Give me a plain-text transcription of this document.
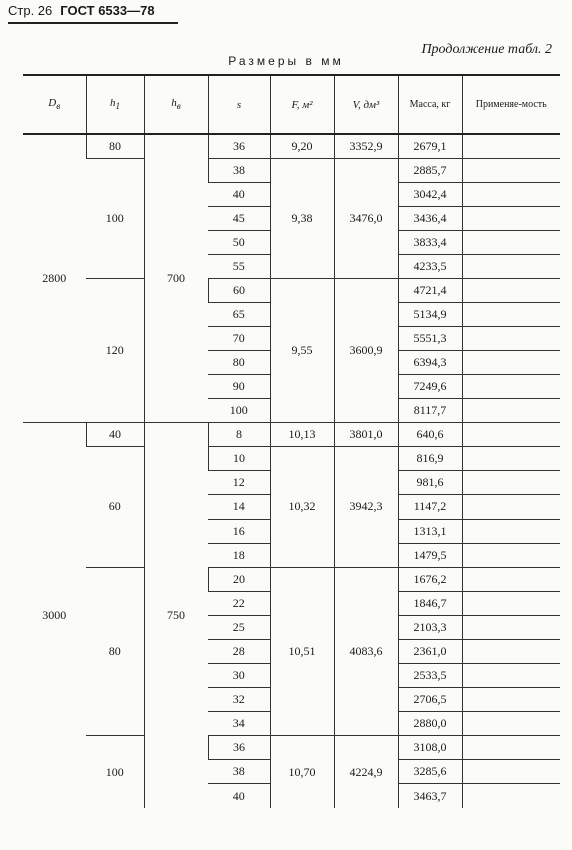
Стр. 26 ГОСТ 6533—78
Продолжение табл. 2
Размеры в мм
$D_в$	$h_1$	$h_в$	s	F, м²	V, дм³	Масса, кг	Применяе-мость
2800	80	700	36	9,20	3352,9	2679,1	
	100		38	9,38	3476,0	2885,7	
			40			3042,4	
			45			3436,4	
			50			3833,4	
			55			4233,5	
	120		60	9,55	3600,9	4721,4	
			65			5134,9	
			70			5551,3	
			80			6394,3	
			90			7249,6	
			100			8117,7	
3000	40	750	8	10,13	3801,0	640,6	
	60		10	10,32	3942,3	816,9	
			12			981,6	
			14			1147,2	
			16			1313,1	
			18			1479,5	
	80		20	10,51	4083,6	1676,2	
			22			1846,7	
			25			2103,3	
			28			2361,0	
			30			2533,5	
			32			2706,5	
			34			2880,0	
	100		36	10,70	4224,9	3108,0	
			38			3285,6	
			40			3463,7	
